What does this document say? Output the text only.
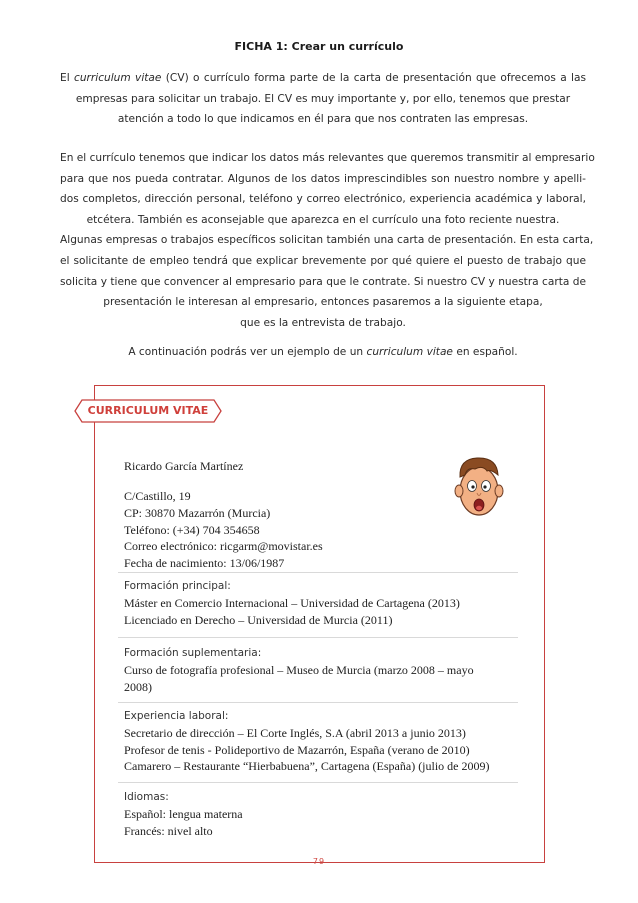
FICHA 1: Crear un currículo
El curriculum vitae (CV) o currículo forma parte de la carta de presentación que ofrecemos a las
empresas para solicitar un trabajo. El CV es muy importante y, por ello, tenemos que prestar
atención a todo lo que indicamos en él para que nos contraten las empresas.
En el currículo tenemos que indicar los datos más relevantes que queremos transmitir al empresario
para que nos pueda contratar. Algunos de los datos imprescindibles son nuestro nombre y apelli-
dos completos, dirección personal, teléfono y correo electrónico, experiencia académica y laboral,
etcétera. También es aconsejable que aparezca en el currículo una foto reciente nuestra.
Algunas empresas o trabajos específicos solicitan también una carta de presentación. En esta carta,
el solicitante de empleo tendrá que explicar brevemente por qué quiere el puesto de trabajo que
solicita y tiene que convencer al empresario para que le contrate. Si nuestro CV y nuestra carta de
presentación le interesan al empresario, entonces pasaremos a la siguiente etapa,
que es la entrevista de trabajo.
A continuación podrás ver un ejemplo de un curriculum vitae en español.
CURRICULUM VITAE
Ricardo García Martínez
C/Castillo, 19
CP: 30870 Mazarrón (Murcia)
Teléfono: (+34) 704 354658
Correo electrónico: ricgarm@movistar.es
Fecha de nacimiento: 13/06/1987
Formación principal:
Máster en Comercio Internacional – Universidad de Cartagena (2013)
Licenciado en Derecho – Universidad de Murcia (2011)
Formación suplementaria:
Curso de fotografía profesional – Museo de Murcia (marzo 2008 – mayo
2008)
Experiencia laboral:
Secretario de dirección – El Corte Inglés, S.A (abril 2013 a junio 2013)
Profesor de tenis - Polideportivo de Mazarrón, España (verano de 2010)
Camarero – Restaurante “Hierbabuena”, Cartagena (España) (julio de 2009)
Idiomas:
Español: lengua materna
Francés: nivel alto
79
